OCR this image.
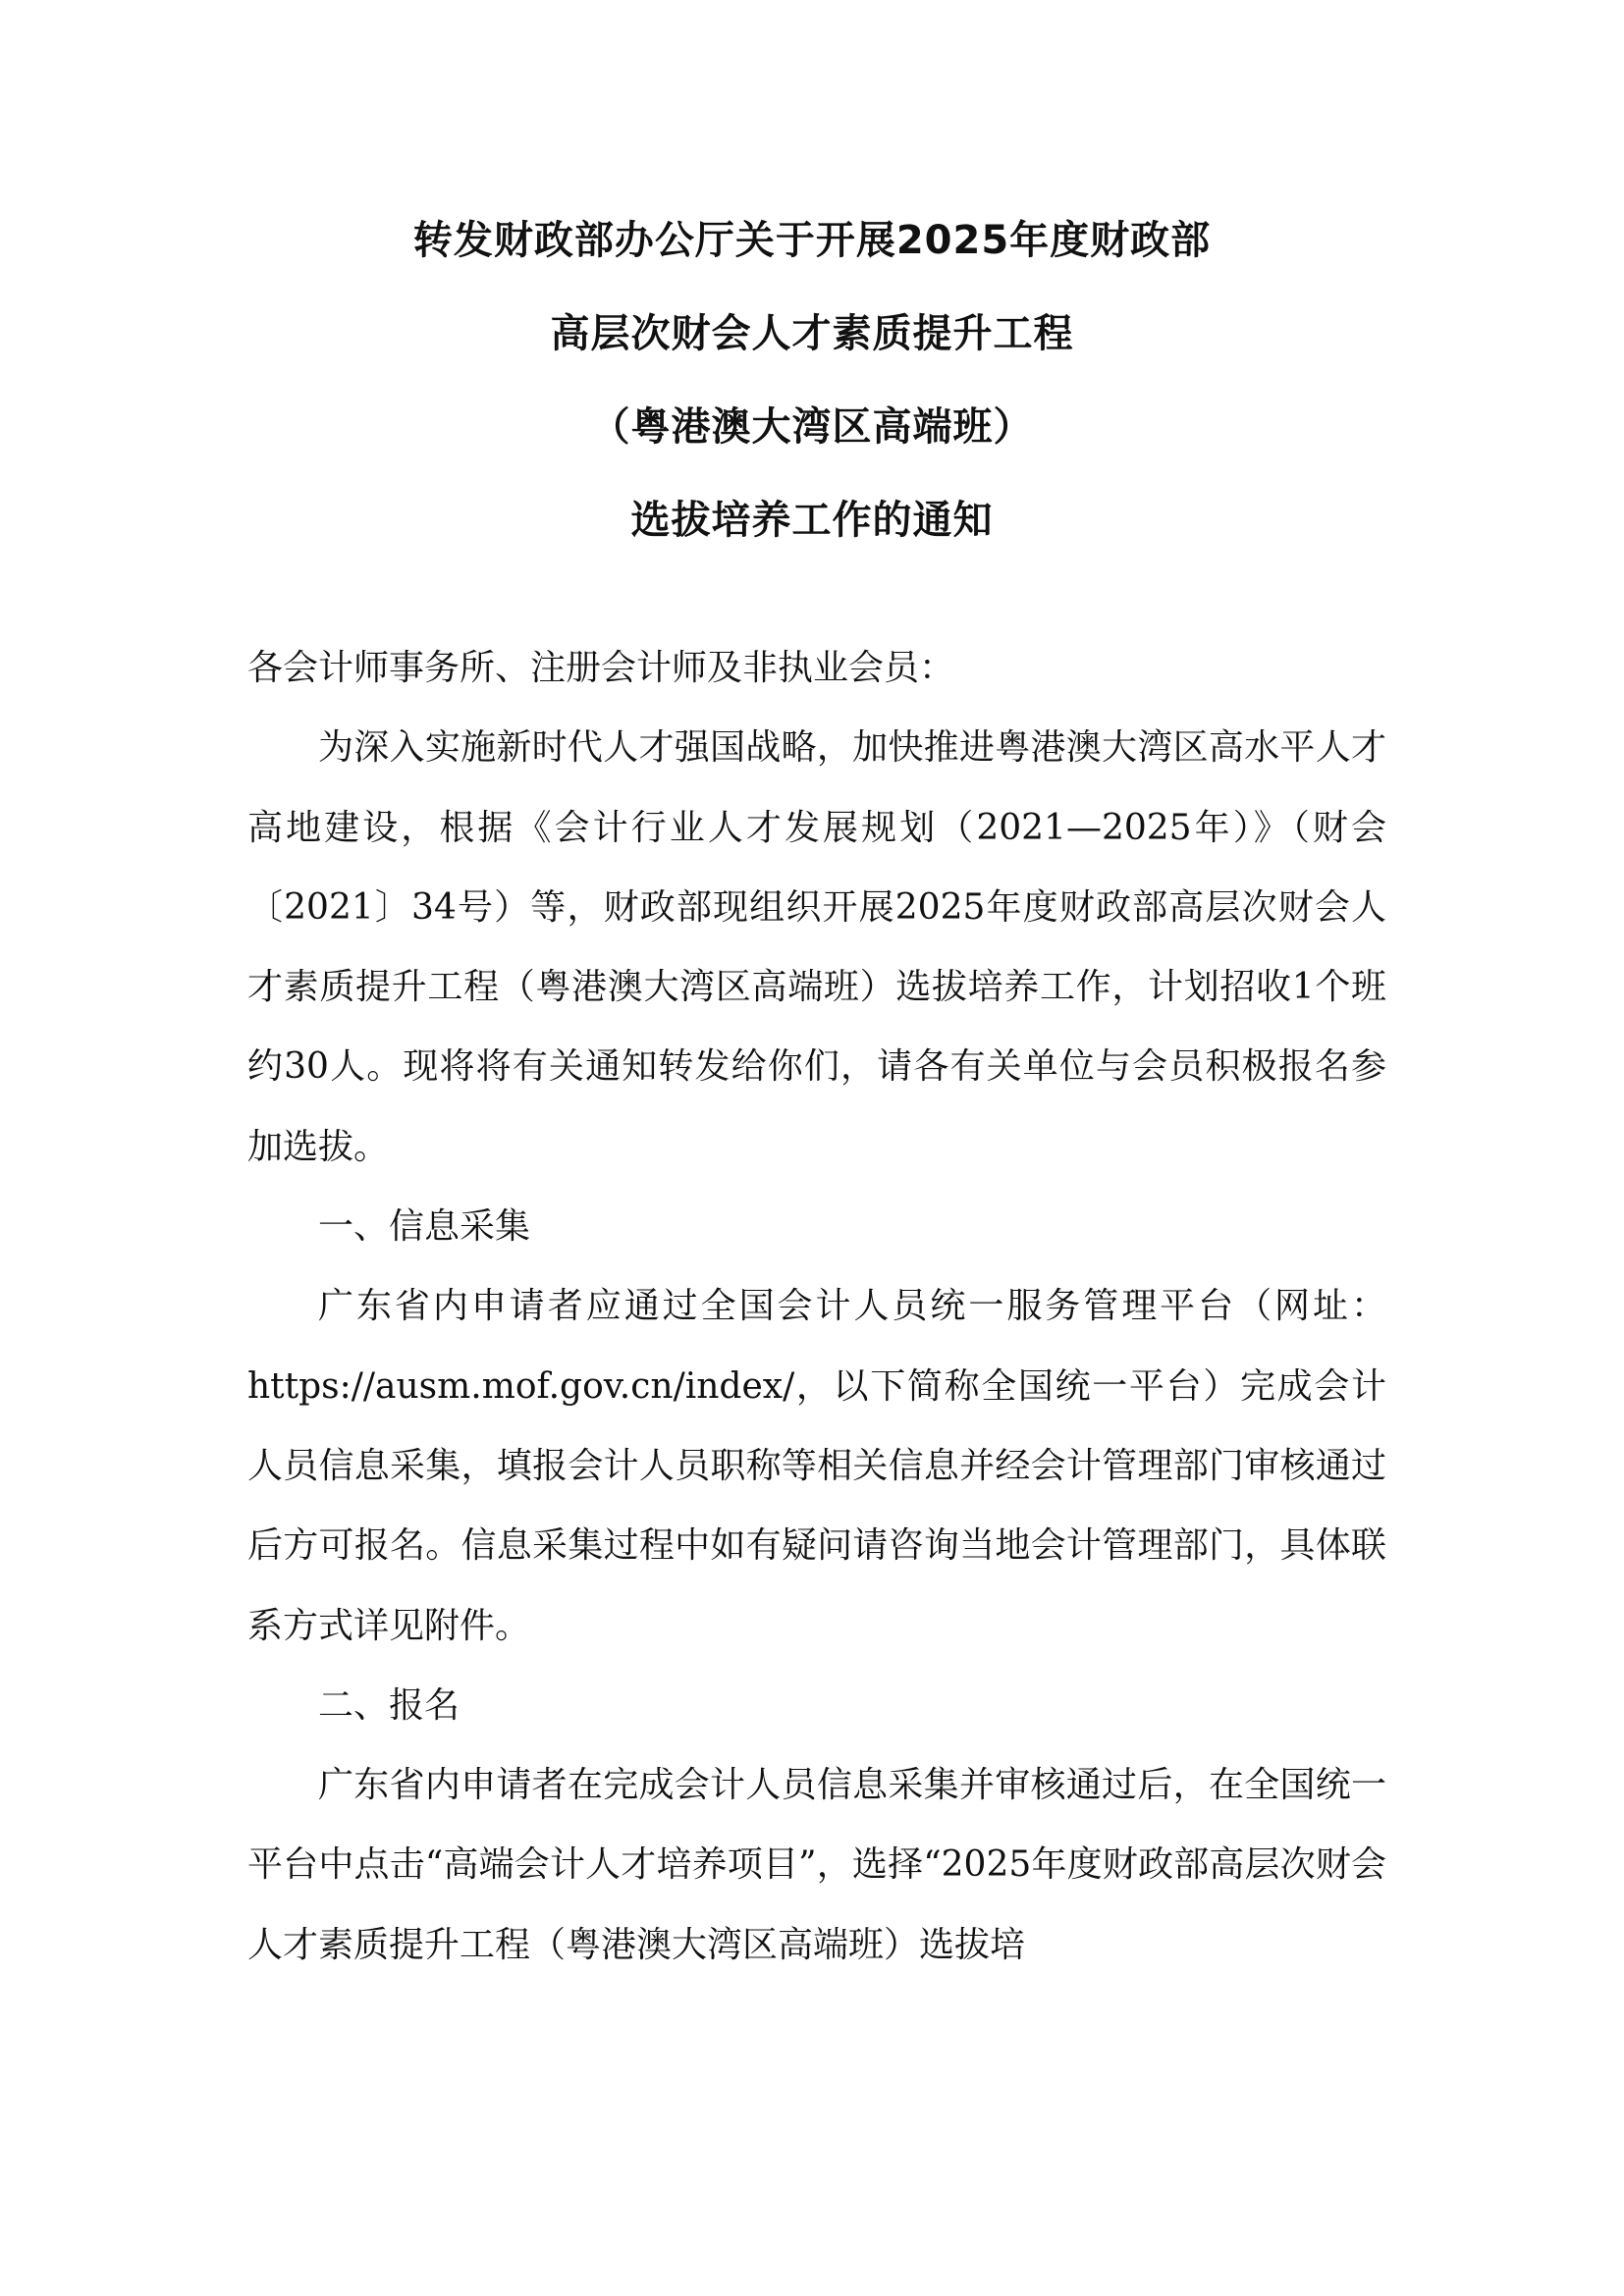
转发财政部办公厅关于开展2025年度财政部
高层次财会人才素质提升工程
（粤港澳大湾区高端班）
选拔培养工作的通知

各会计师事务所、注册会计师及非执业会员：

为深入实施新时代人才强国战略，加快推进粤港澳大湾区高水平人才高地建设，根据《会计行业人才发展规划（2021—2025年）》（财会〔2021〕34号）等，财政部现组织开展2025年度财政部高层次财会人才素质提升工程（粤港澳大湾区高端班）选拔培养工作，计划招收1个班约30人。现将将有关通知转发给你们，请各有关单位与会员积极报名参加选拔。

一、信息采集

广东省内申请者应通过全国会计人员统一服务管理平台（网址：https://ausm.mof.gov.cn/index/，以下简称全国统一平台）完成会计人员信息采集，填报会计人员职称等相关信息并经会计管理部门审核通过后方可报名。信息采集过程中如有疑问请咨询当地会计管理部门，具体联系方式详见附件。

二、报名

广东省内申请者在完成会计人员信息采集并审核通过后，在全国统一平台中点击“高端会计人才培养项目”，选择“2025年度财政部高层次财会人才素质提升工程（粤港澳大湾区高端班）选拔培
